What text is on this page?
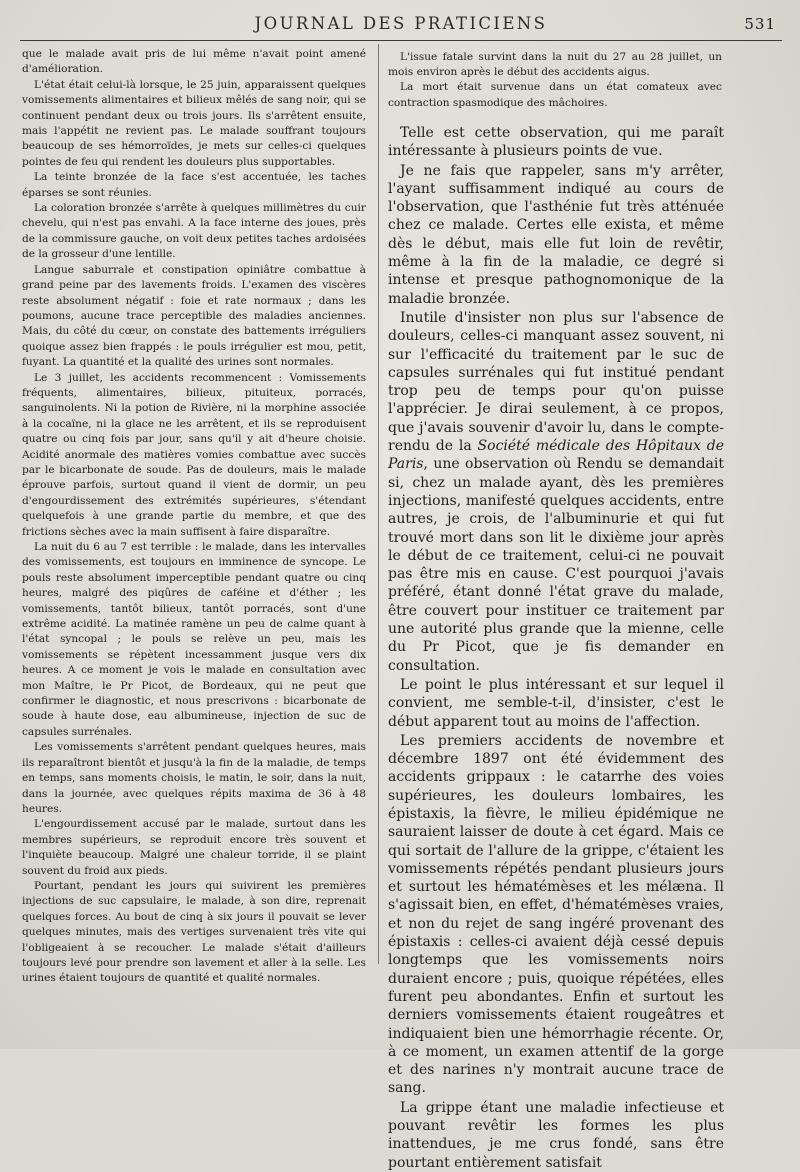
JOURNAL DES PRATICIENS	531

que le malade avait pris de lui même n'avait point amené d'amélioration.

L'état était celui-là lorsque, le 25 juin, apparaissent quelques vomissements alimentaires et bilieux mêlés de sang noir, qui se continuent pendant deux ou trois jours. Ils s'arrêtent ensuite, mais l'appétit ne revient pas. Le malade souffrant toujours beaucoup de ses hémorroïdes, je mets sur celles-ci quelques pointes de feu qui rendent les douleurs plus supportables.

La teinte bronzée de la face s'est accentuée, les taches éparses se sont réunies.

La coloration bronzée s'arrête à quelques millimètres du cuir chevelu, qui n'est pas envahi. A la face interne des joues, près de la commissure gauche, on voit deux petites taches ardoisées de la grosseur d'une lentille.

Langue saburrale et constipation opiniâtre combattue à grand peine par des lavements froids. L'examen des viscères reste absolument négatif : foie et rate normaux ; dans les poumons, aucune trace perceptible des maladies anciennes. Mais, du côté du cœur, on constate des battements irréguliers quoique assez bien frappés : le pouls irrégulier est mou, petit, fuyant. La quantité et la qualité des urines sont normales.

Le 3 juillet, les accidents recommencent : Vomissements fréquents, alimentaires, bilieux, pituiteux, porracés, sanguinolents. Ni la potion de Rivière, ni la morphine associée à la cocaïne, ni la glace ne les arrêtent, et ils se reproduisent quatre ou cinq fois par jour, sans qu'il y ait d'heure choisie. Acidité anormale des matières vomies combattue avec succès par le bicarbonate de soude. Pas de douleurs, mais le malade éprouve parfois, surtout quand il vient de dormir, un peu d'engourdissement des extrémités supérieures, s'étendant quelquefois à une grande partie du membre, et que des frictions sèches avec la main suffisent à faire disparaître.

La nuit du 6 au 7 est terrible : le malade, dans les intervalles des vomissements, est toujours en imminence de syncope. Le pouls reste absolument imperceptible pendant quatre ou cinq heures, malgré des piqûres de caféine et d'éther ; les vomissements, tantôt bilieux, tantôt porracés, sont d'une extrême acidité. La matinée ramène un peu de calme quant à l'état syncopal ; le pouls se relève un peu, mais les vomissements se répètent incessamment jusque vers dix heures. A ce moment je vois le malade en consultation avec mon Maître, le Pr Picot, de Bordeaux, qui ne peut que confirmer le diagnostic, et nous prescrivons : bicarbonate de soude à haute dose, eau albumineuse, injection de suc de capsules surrénales.

Les vomissements s'arrêtent pendant quelques heures, mais ils reparaîtront bientôt et jusqu'à la fin de la maladie, de temps en temps, sans moments choisis, le matin, le soir, dans la nuit, dans la journée, avec quelques répits maxima de 36 à 48 heures.

L'engourdissement accusé par le malade, surtout dans les membres supérieurs, se reproduit encore très souvent et l'inquiète beaucoup. Malgré une chaleur torride, il se plaint souvent du froid aux pieds.

Pourtant, pendant les jours qui suivirent les premières injections de suc capsulaire, le malade, à son dire, reprenait quelques forces. Au bout de cinq à six jours il pouvait se lever quelques minutes, mais des vertiges survenaient très vite qui l'obligeaient à se recoucher. Le malade s'était d'ailleurs toujours levé pour prendre son lavement et aller à la selle. Les urines étaient toujours de quantité et qualité normales.

L'issue fatale survint dans la nuit du 27 au 28 juillet, un mois environ après le début des accidents aigus.

La mort était survenue dans un état comateux avec contraction spasmodique des mâchoires.

Telle est cette observation, qui me paraît intéressante à plusieurs points de vue.

Je ne fais que rappeler, sans m'y arrêter, l'ayant suffisamment indiqué au cours de l'observation, que l'asthénie fut très atténuée chez ce malade. Certes elle exista, et même dès le début, mais elle fut loin de revêtir, même à la fin de la maladie, ce degré si intense et presque pathognomonique de la maladie bronzée.

Inutile d'insister non plus sur l'absence de douleurs, celles-ci manquant assez souvent, ni sur l'efficacité du traitement par le suc de capsules surrénales qui fut institué pendant trop peu de temps pour qu'on puisse l'apprécier. Je dirai seulement, à ce propos, que j'avais souvenir d'avoir lu, dans le compte-rendu de la Société médicale des Hôpitaux de Paris, une observation où Rendu se demandait si, chez un malade ayant, dès les premières injections, manifesté quelques accidents, entre autres, je crois, de l'albuminurie et qui fut trouvé mort dans son lit le dixième jour après le début de ce traitement, celui-ci ne pouvait pas être mis en cause. C'est pourquoi j'avais préféré, étant donné l'état grave du malade, être couvert pour instituer ce traitement par une autorité plus grande que la mienne, celle du Pr Picot, que je fis demander en consultation.

Le point le plus intéressant et sur lequel il convient, me semble-t-il, d'insister, c'est le début apparent tout au moins de l'affection.

Les premiers accidents de novembre et décembre 1897 ont été évidemment des accidents grippaux : le catarrhe des voies supérieures, les douleurs lombaires, les épistaxis, la fièvre, le milieu épidémique ne sauraient laisser de doute à cet égard. Mais ce qui sortait de l'allure de la grippe, c'étaient les vomissements répétés pendant plusieurs jours et surtout les hématémèses et les mélæna. Il s'agissait bien, en effet, d'hématémèses vraies, et non du rejet de sang ingéré provenant des épistaxis : celles-ci avaient déjà cessé depuis longtemps que les vomissements noirs duraient encore ; puis, quoique répétées, elles furent peu abondantes. Enfin et surtout les derniers vomissements étaient rougeâtres et indiquaient bien une hémorrhagie récente. Or, à ce moment, un examen attentif de la gorge et des narines n'y montrait aucune trace de sang.

La grippe étant une maladie infectieuse et pouvant revêtir les formes les plus inattendues, je me crus fondé, sans être pourtant entièrement satisfait
